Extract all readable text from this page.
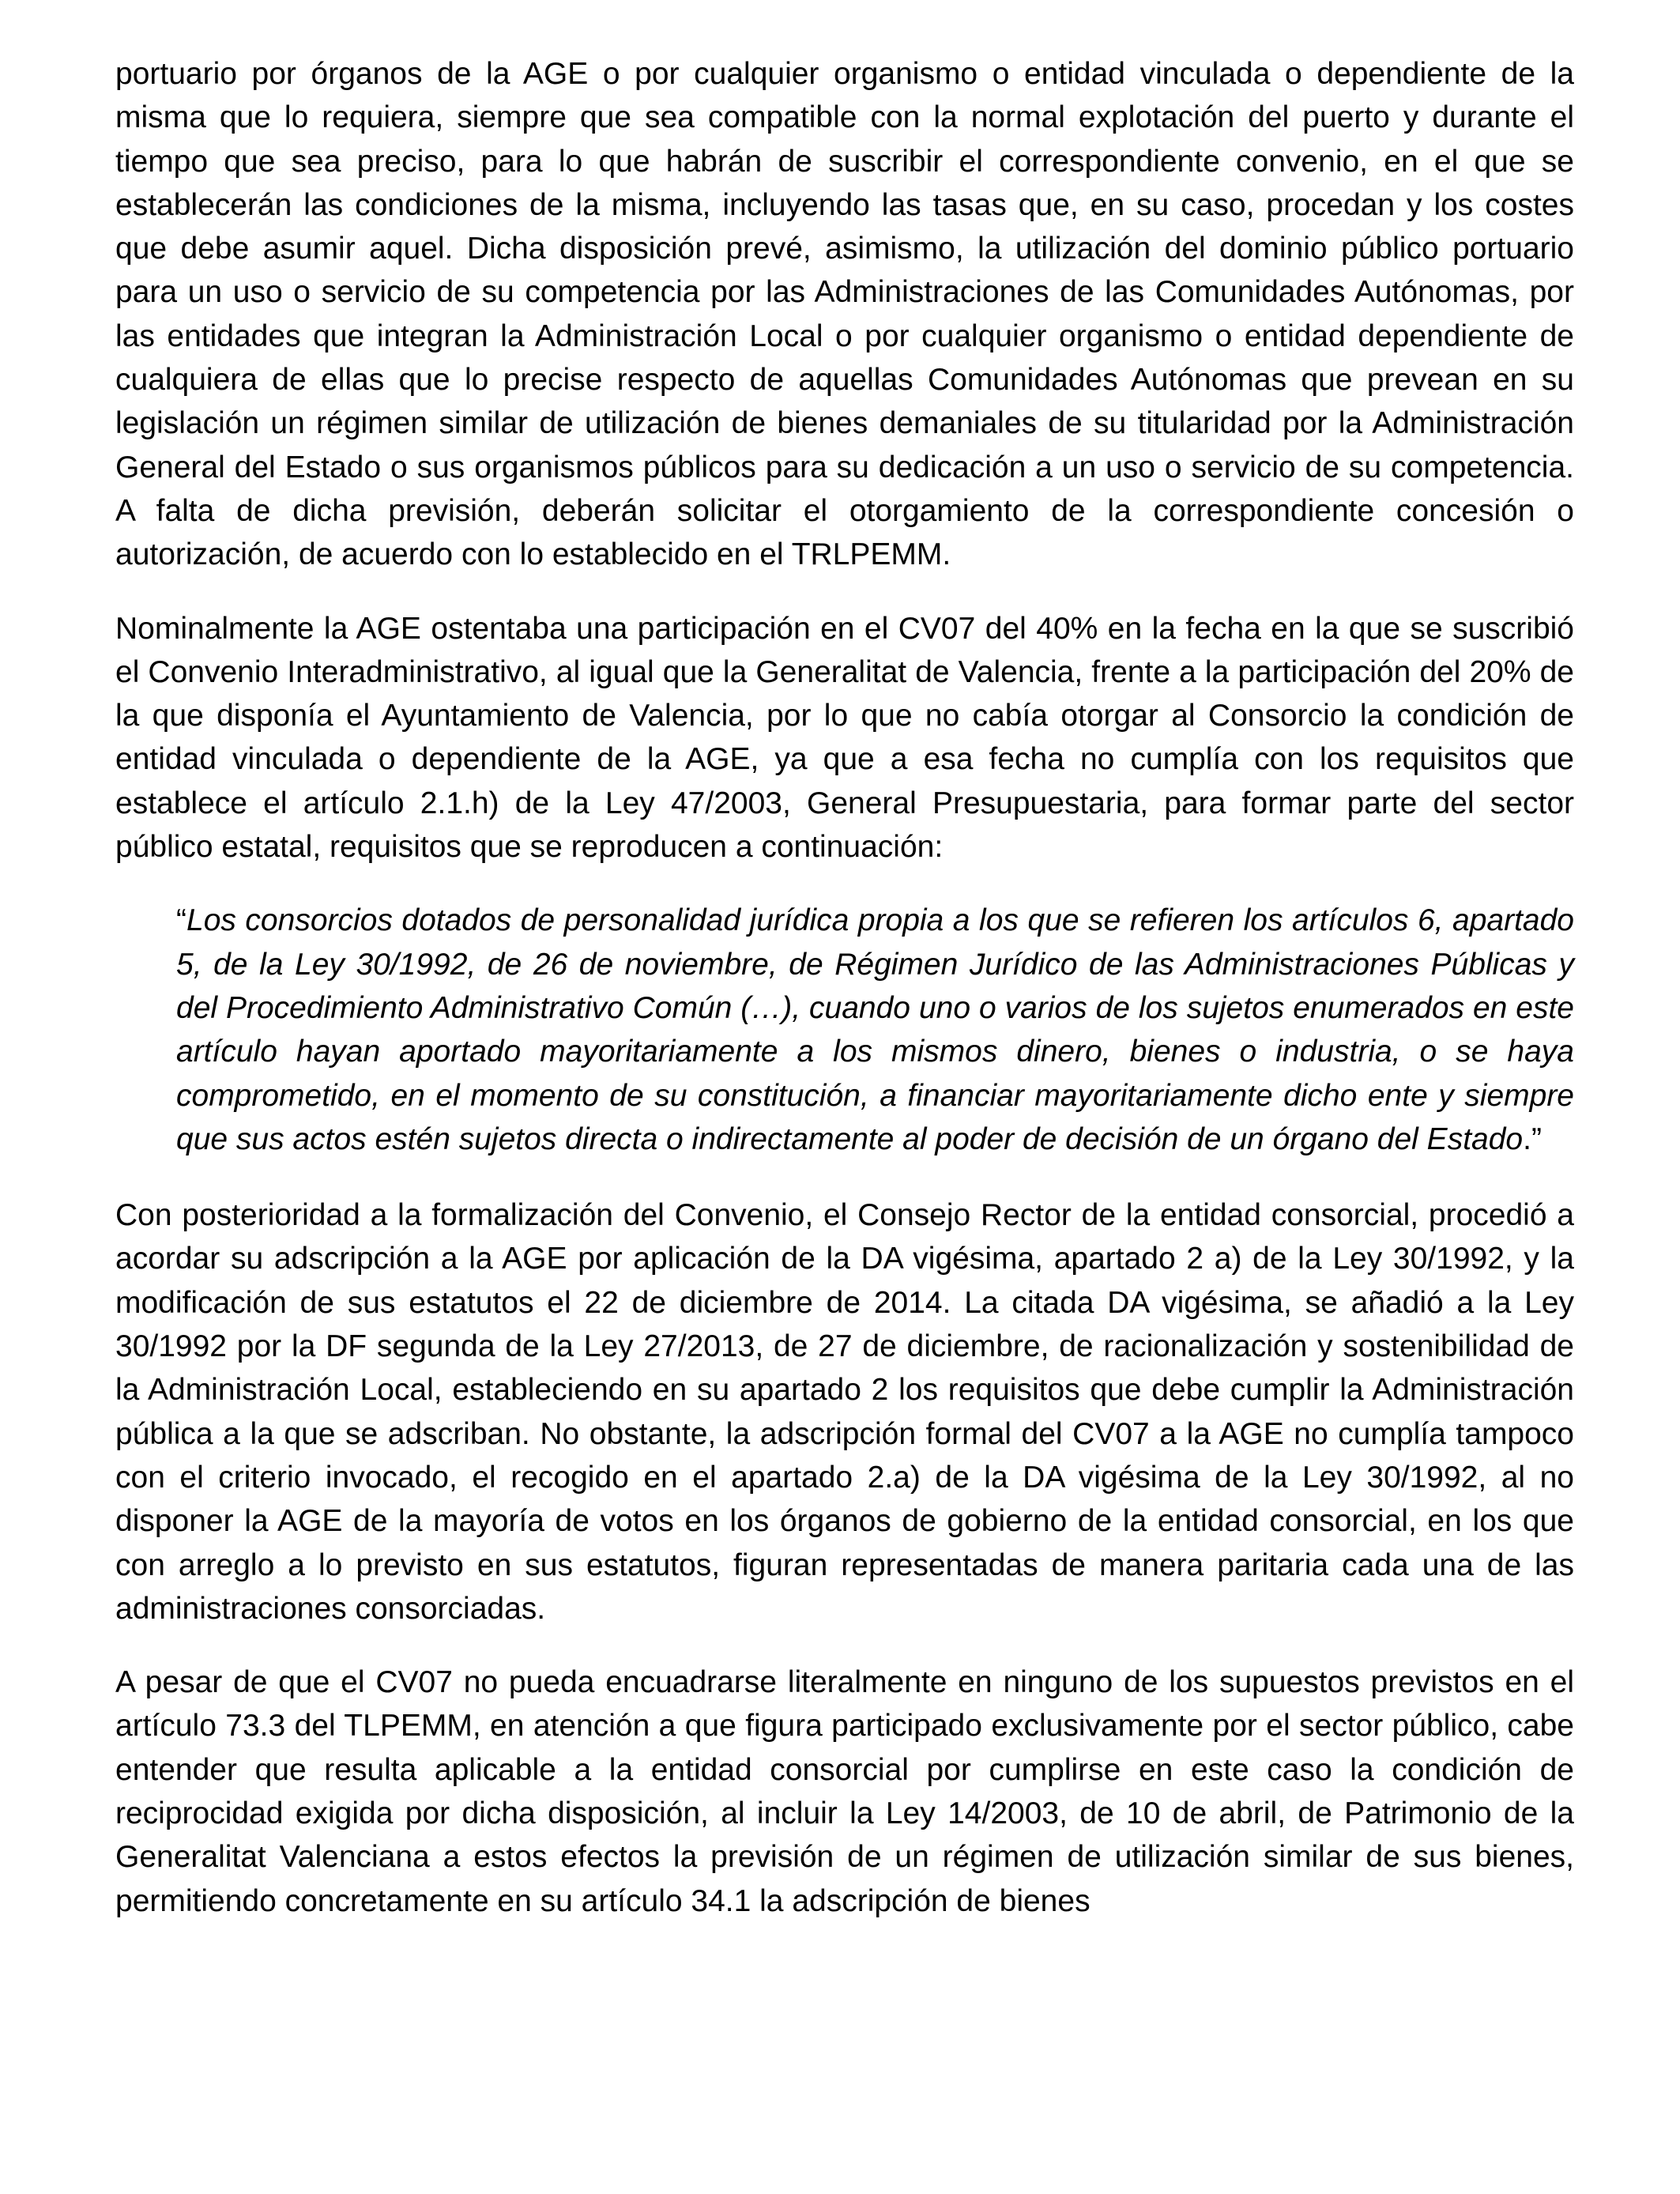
portuario por órganos de la AGE o por cualquier organismo o entidad vinculada o dependiente de la misma que lo requiera, siempre que sea compatible con la normal explotación del puerto y durante el tiempo que sea preciso, para lo que habrán de suscribir el correspondiente convenio, en el que se establecerán las condiciones de la misma, incluyendo las tasas que, en su caso, procedan y los costes que debe asumir aquel. Dicha disposición prevé, asimismo, la utilización del dominio público portuario para un uso o servicio de su competencia por las Administraciones de las Comunidades Autónomas, por las entidades que integran la Administración Local o por cualquier organismo o entidad dependiente de cualquiera de ellas que lo precise respecto de aquellas Comunidades Autónomas que prevean en su legislación un régimen similar de utilización de bienes demaniales de su titularidad por la Administración General del Estado o sus organismos públicos para su dedicación a un uso o servicio de su competencia. A falta de dicha previsión, deberán solicitar el otorgamiento de la correspondiente concesión o autorización, de acuerdo con lo establecido en el TRLPEMM.

Nominalmente la AGE ostentaba una participación en el CV07 del 40% en la fecha en la que se suscribió el Convenio Interadministrativo, al igual que la Generalitat de Valencia, frente a la participación del 20% de la que disponía el Ayuntamiento de Valencia, por lo que no cabía otorgar al Consorcio la condición de entidad vinculada o dependiente de la AGE, ya que a esa fecha no cumplía con los requisitos que establece el artículo 2.1.h) de la Ley 47/2003, General Presupuestaria, para formar parte del sector público estatal, requisitos que se reproducen a continuación:

“Los consorcios dotados de personalidad jurídica propia a los que se refieren los artículos 6, apartado 5, de la Ley 30/1992, de 26 de noviembre, de Régimen Jurídico de las Administraciones Públicas y del Procedimiento Administrativo Común (…), cuando uno o varios de los sujetos enumerados en este artículo hayan aportado mayoritariamente a los mismos dinero, bienes o industria, o se haya comprometido, en el momento de su constitución, a financiar mayoritariamente dicho ente y siempre que sus actos estén sujetos directa o indirectamente al poder de decisión de un órgano del Estado.”

Con posterioridad a la formalización del Convenio, el Consejo Rector de la entidad consorcial, procedió a acordar su adscripción a la AGE por aplicación de la DA vigésima, apartado 2 a) de la Ley 30/1992, y la modificación de sus estatutos el 22 de diciembre de 2014. La citada DA vigésima, se añadió a la Ley 30/1992 por la DF segunda de la Ley 27/2013, de 27 de diciembre, de racionalización y sostenibilidad de la Administración Local, estableciendo en su apartado 2 los requisitos que debe cumplir la Administración pública a la que se adscriban. No obstante, la adscripción formal del CV07 a la AGE no cumplía tampoco con el criterio invocado, el recogido en el apartado 2.a) de la DA vigésima de la Ley 30/1992, al no disponer la AGE de la mayoría de votos en los órganos de gobierno de la entidad consorcial, en los que con arreglo a lo previsto en sus estatutos, figuran representadas de manera paritaria cada una de las administraciones consorciadas.

A pesar de que el CV07 no pueda encuadrarse literalmente en ninguno de los supuestos previstos en el artículo 73.3 del TLPEMM, en atención a que figura participado exclusivamente por el sector público, cabe entender que resulta aplicable a la entidad consorcial por cumplirse en este caso la condición de reciprocidad exigida por dicha disposición, al incluir la Ley 14/2003, de 10 de abril, de Patrimonio de la Generalitat Valenciana a estos efectos la previsión de un régimen de utilización similar de sus bienes, permitiendo concretamente en su artículo 34.1 la adscripción de bienes
